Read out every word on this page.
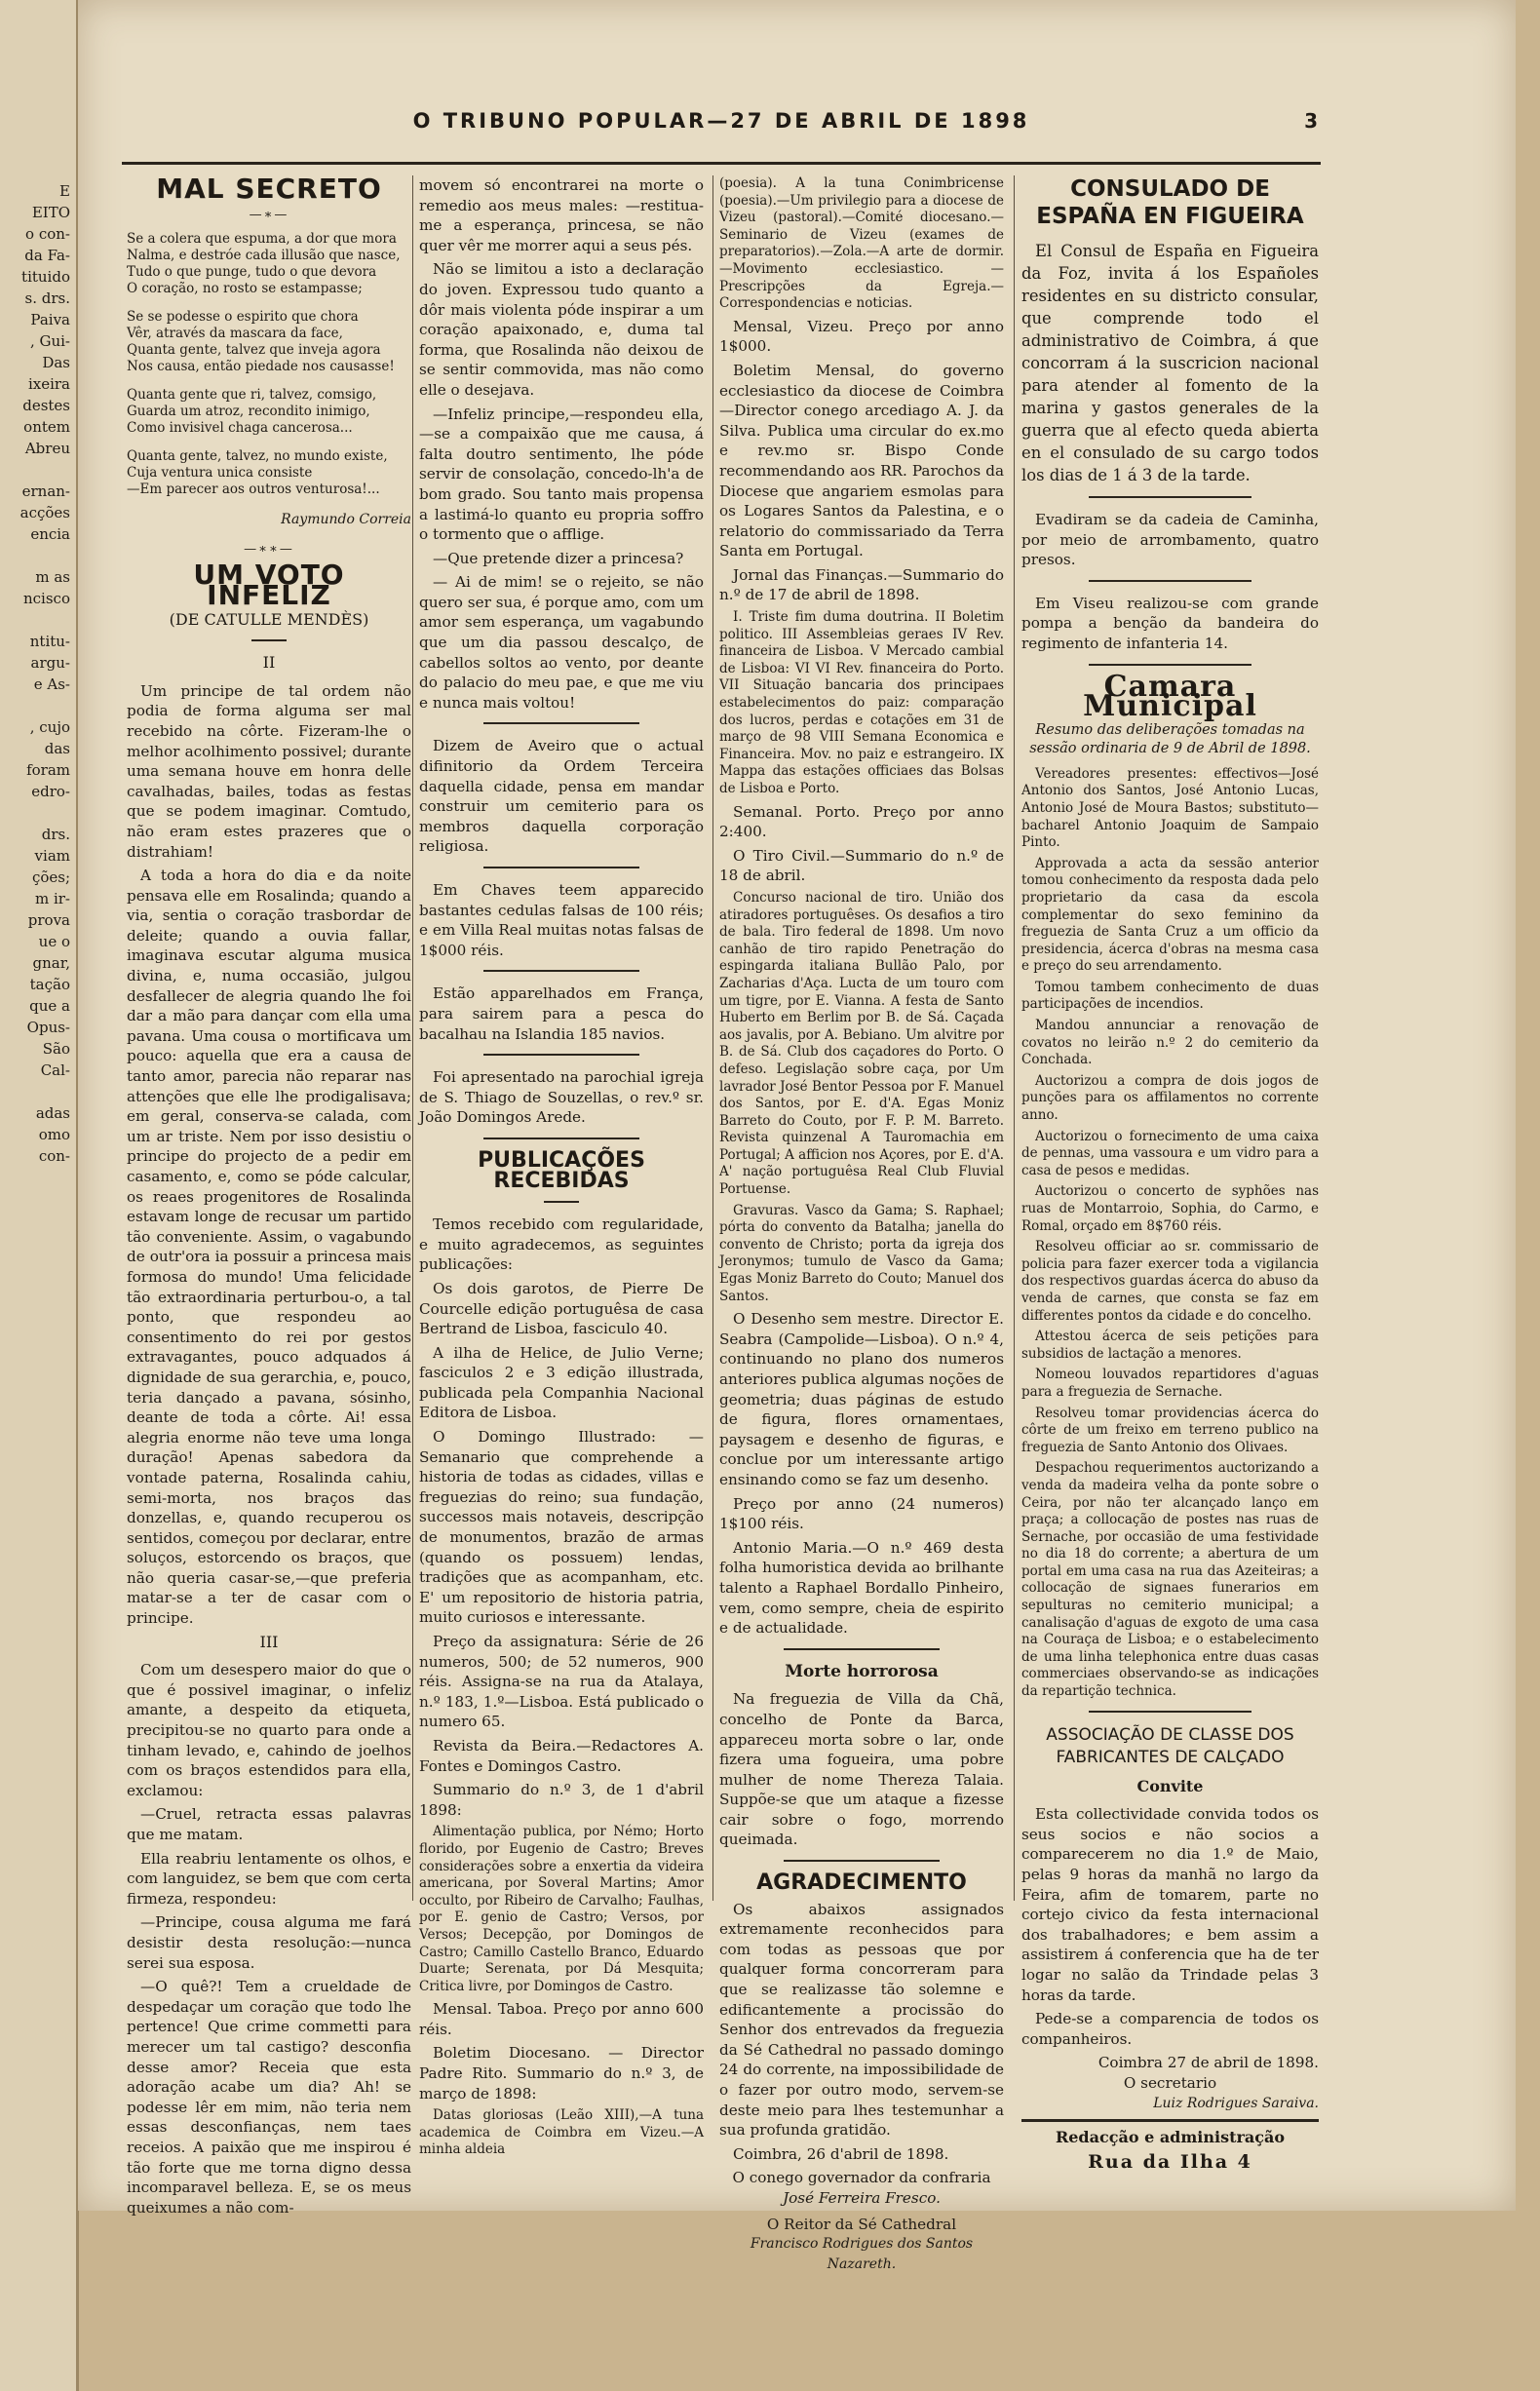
E
EITO
o con-
da Fa-
tituido
s. drs.
Paiva
, Gui-
Das
ixeira
destes
ontem
Abreu

ernan-
acções
encia

m as
ncisco

ntitu-
argu-
e As-

, cujo
das
foram
edro-

drs.
viam
ções;
m ir-
prova
ue o
gnar,
tação
que a
Opus-
São
Cal-

adas
omo
con-
O TRIBUNO POPULAR—27 DE ABRIL DE 1898	3
MAL SECRETO
—∗—
Se a colera que espuma, a dor que mora
Nalma, e destróe cada illusão que nasce,
Tudo o que punge, tudo o que devora
O coração, no rosto se estampasse;
Se se podesse o espirito que chora
Vêr, através da mascara da face,
Quanta gente, talvez que inveja agora
Nos causa, então piedade nos causasse!
Quanta gente que ri, talvez, comsigo,
Guarda um atroz, recondito inimigo,
Como invisivel chaga cancerosa...
Quanta gente, talvez, no mundo existe,
Cuja ventura unica consiste
—Em parecer aos outros venturosa!...
Raymundo Correia
—∗∗—
UM VOTO INFELIZ
(DE CATULLE MENDÈS)
II

Um principe de tal ordem não podia de forma alguma ser mal recebido na côrte. Fizeram-lhe o melhor acolhimento possivel; durante uma semana houve em honra delle cavalhadas, bailes, todas as festas que se podem imaginar. Comtudo, não eram estes prazeres que o distrahiam!

A toda a hora do dia e da noite pensava elle em Rosalinda; quando a via, sentia o coração trasbordar de deleite; quando a ouvia fallar, imaginava escutar alguma musica divina, e, numa occasião, julgou desfallecer de alegria quando lhe foi dar a mão para dançar com ella uma pavana. Uma cousa o mortificava um pouco: aquella que era a causa de tanto amor, parecia não reparar nas attenções que elle lhe prodigalisava; em geral, conserva-se calada, com um ar triste. Nem por isso desistiu o principe do projecto de a pedir em casamento, e, como se póde calcular, os reaes progenitores de Rosalinda estavam longe de recusar um partido tão conveniente. Assim, o vagabundo de outr'ora ia possuir a princesa mais formosa do mundo! Uma felicidade tão extraordinaria perturbou-o, a tal ponto, que respondeu ao consentimento do rei por gestos extravagantes, pouco adquados á dignidade de sua gerarchia, e, pouco, teria dançado a pavana, sósinho, deante de toda a côrte. Ai! essa alegria enorme não teve uma longa duração! Apenas sabedora da vontade paterna, Rosalinda cahiu, semi-morta, nos braços das donzellas, e, quando recuperou os sentidos, começou por declarar, entre soluços, estorcendo os braços, que não queria casar-se,—que preferia matar-se a ter de casar com o principe.

III

Com um desespero maior do que o que é possivel imaginar, o infeliz amante, a despeito da etiqueta, precipitou-se no quarto para onde a tinham levado, e, cahindo de joelhos com os braços estendidos para ella, exclamou:

—Cruel, retracta essas palavras que me matam.

Ella reabriu lentamente os olhos, e com languidez, se bem que com certa firmeza, respondeu:

—Principe, cousa alguma me fará desistir desta resolução:—nunca serei sua esposa.

—O quê?! Tem a crueldade de despedaçar um coração que todo lhe pertence! Que crime commetti para merecer um tal castigo? desconfia desse amor? Receia que esta adoração acabe um dia? Ah! se podesse lêr em mim, não teria nem essas desconfianças, nem taes receios. A paixão que me inspirou é tão forte que me torna digno dessa incomparavel belleza. E, se os meus queixumes a não com-

movem só encontrarei na morte o remedio aos meus males: —restitua-me a esperança, princesa, se não quer vêr me morrer aqui a seus pés.

Não se limitou a isto a declaração do joven. Expressou tudo quanto a dôr mais violenta póde inspirar a um coração apaixonado, e, duma tal forma, que Rosalinda não deixou de se sentir commovida, mas não como elle o desejava.

—Infeliz principe,—respondeu ella,—se a compaixão que me causa, á falta doutro sentimento, lhe póde servir de consolação, concedo-lh'a de bom grado. Sou tanto mais propensa a lastimá-lo quanto eu propria soffro o tormento que o afflige.

—Que pretende dizer a princesa?

— Ai de mim! se o rejeito, se não quero ser sua, é porque amo, com um amor sem esperança, um vagabundo que um dia passou descalço, de cabellos soltos ao vento, por deante do palacio do meu pae, e que me viu e nunca mais voltou!

Dizem de Aveiro que o actual difinitorio da Ordem Terceira daquella cidade, pensa em mandar construir um cemiterio para os membros daquella corporação religiosa.

Em Chaves teem apparecido bastantes cedulas falsas de 100 réis; e em Villa Real muitas notas falsas de 1$000 réis.

Estão apparelhados em França, para sairem para a pesca do bacalhau na Islandia 185 navios.

Foi apresentado na parochial igreja de S. Thiago de Souzellas, o rev.º sr. João Domingos Arede.

PUBLICAÇÕES RECEBIDAS

Temos recebido com regularidade, e muito agradecemos, as seguintes publicações:

Os dois garotos, de Pierre De Courcelle edição portuguêsa de casa Bertrand de Lisboa, fasciculo 40.

A ilha de Helice, de Julio Verne; fasciculos 2 e 3 edição illustrada, publicada pela Companhia Nacional Editora de Lisboa.

O Domingo Illustrado: — Semanario que comprehende a historia de todas as cidades, villas e freguezias do reino; sua fundação, successos mais notaveis, descripção de monumentos, brazão de armas (quando os possuem) lendas, tradições que as acompanham, etc. E' um repositorio de historia patria, muito curiosos e interessante.

Preço da assignatura: Série de 26 numeros, 500; de 52 numeros, 900 réis. Assigna-se na rua da Atalaya, n.º 183, 1.º—Lisboa. Está publicado o numero 65.

Revista da Beira.—Redactores A. Fontes e Domingos Castro.

Summario do n.º 3, de 1 d'abril 1898:

Alimentação publica, por Némo; Horto florido, por Eugenio de Castro; Breves considerações sobre a enxertia da videira americana, por Soveral Martins; Amor occulto, por Ribeiro de Carvalho; Faulhas, por E. genio de Castro; Versos, por Versos; Decepção, por Domingos de Castro; Camillo Castello Branco, Eduardo Duarte; Serenata, por Dá Mesquita; Critica livre, por Domingos de Castro.

Mensal. Taboa. Preço por anno 600 réis.

Boletim Diocesano. — Director Padre Rito. Summario do n.º 3, de março de 1898:

Datas gloriosas (Leão XIII),—A tuna academica de Coimbra em Vizeu.—A minha aldeia

(poesia). A la tuna Conimbricense (poesia).—Um privilegio para a diocese de Vizeu (pastoral).—Comité diocesano.—Seminario de Vizeu (exames de preparatorios).—Zola.—A arte de dormir.—Movimento ecclesiastico. — Prescripções da Egreja.—Correspondencias e noticias.

Mensal, Vizeu. Preço por anno 1$000.

Boletim Mensal, do governo ecclesiastico da diocese de Coimbra—Director conego arcediago A. J. da Silva. Publica uma circular do ex.mo e rev.mo sr. Bispo Conde recommendando aos RR. Parochos da Diocese que angariem esmolas para os Logares Santos da Palestina, e o relatorio do commissariado da Terra Santa em Portugal.

Jornal das Finanças.—Summario do n.º de 17 de abril de 1898.

I. Triste fim duma doutrina. II Boletim politico. III Assembleias geraes IV Rev. financeira de Lisboa. V Mercado cambial de Lisboa: VI VI Rev. financeira do Porto. VII Situação bancaria dos principaes estabelecimentos do paiz: comparação dos lucros, perdas e cotações em 31 de março de 98 VIII Semana Economica e Financeira. Mov. no paiz e estrangeiro. IX Mappa das estações officiaes das Bolsas de Lisboa e Porto.

Semanal. Porto. Preço por anno 2:400.

O Tiro Civil.—Summario do n.º de 18 de abril.

Concurso nacional de tiro. União dos atiradores portuguêses. Os desafios a tiro de bala. Tiro federal de 1898. Um novo canhão de tiro rapido Penetração do espingarda italiana Bullão Palo, por Zacharias d'Aça. Lucta de um touro com um tigre, por E. Vianna. A festa de Santo Huberto em Berlim por B. de Sá. Caçada aos javalis, por A. Bebiano. Um alvitre por B. de Sá. Club dos caçadores do Porto. O defeso. Legislação sobre caça, por Um lavrador José Bentor Pessoa por F. Manuel dos Santos, por E. d'A. Egas Moniz Barreto do Couto, por F. P. M. Barreto. Revista quinzenal A Tauromachia em Portugal; A afficion nos Açores, por E. d'A. A' nação portuguêsa Real Club Fluvial Portuense.

Gravuras. Vasco da Gama; S. Raphael; pórta do convento da Batalha; janella do convento de Christo; porta da igreja dos Jeronymos; tumulo de Vasco da Gama; Egas Moniz Barreto do Couto; Manuel dos Santos.

O Desenho sem mestre. Director E. Seabra (Campolide—Lisboa). O n.º 4, continuando no plano dos numeros anteriores publica algumas noções de geometria; duas páginas de estudo de figura, flores ornamentaes, paysagem e desenho de figuras, e conclue por um interessante artigo ensinando como se faz um desenho.

Preço por anno (24 numeros) 1$100 réis.

Antonio Maria.—O n.º 469 desta folha humoristica devida ao brilhante talento a Raphael Bordallo Pinheiro, vem, como sempre, cheia de espirito e de actualidade.

Morte horrorosa

Na freguezia de Villa da Chã, concelho de Ponte da Barca, appareceu morta sobre o lar, onde fizera uma fogueira, uma pobre mulher de nome Thereza Talaia. Suppõe-se que um ataque a fizesse cair sobre o fogo, morrendo queimada.

AGRADECIMENTO

Os abaixos assignados extremamente reconhecidos para com todas as pessoas que por qualquer forma concorreram para que se realizasse tão solemne e edificantemente a procissão do Senhor dos entrevados da freguezia da Sé Cathedral no passado domingo 24 do corrente, na impossibilidade de o fazer por outro modo, servem-se deste meio para lhes testemunhar a sua profunda gratidão.

Coimbra, 26 d'abril de 1898.

O conego governador da confraria
José Ferreira Fresco.
O Reitor da Sé Cathedral
Francisco Rodrigues dos Santos Nazareth.
CONSULADO DE ESPAÑA EN FIGUEIRA

El Consul de España en Figueira da Foz, invita á los Españoles residentes en su districto consular, que comprende todo el administrativo de Coimbra, á que concorram á la suscricion nacional para atender al fomento de la marina y gastos generales de la guerra que al efecto queda abierta en el consulado de su cargo todos los dias de 1 á 3 de la tarde.

Evadiram se da cadeia de Caminha, por meio de arrombamento, quatro presos.

Em Viseu realizou-se com grande pompa a benção da bandeira do regimento de infanteria 14.

Camara Municipal
Resumo das deliberações tomadas na sessão ordinaria de 9 de Abril de 1898.

Vereadores presentes: effectivos—José Antonio dos Santos, José Antonio Lucas, Antonio José de Moura Bastos; substituto—bacharel Antonio Joaquim de Sampaio Pinto.

Approvada a acta da sessão anterior tomou conhecimento da resposta dada pelo proprietario da casa da escola complementar do sexo feminino da freguezia de Santa Cruz a um officio da presidencia, ácerca d'obras na mesma casa e preço do seu arrendamento.

Tomou tambem conhecimento de duas participações de incendios.

Mandou annunciar a renovação de covatos no leirão n.º 2 do cemiterio da Conchada.

Auctorizou a compra de dois jogos de punções para os affilamentos no corrente anno.

Auctorizou o fornecimento de uma caixa de pennas, uma vassoura e um vidro para a casa de pesos e medidas.

Auctorizou o concerto de syphões nas ruas de Montarroio, Sophia, do Carmo, e Romal, orçado em 8$760 réis.

Resolveu officiar ao sr. commissario de policia para fazer exercer toda a vigilancia dos respectivos guardas ácerca do abuso da venda de carnes, que consta se faz em differentes pontos da cidade e do concelho.

Attestou ácerca de seis petições para subsidios de lactação a menores.

Nomeou louvados repartidores d'aguas para a freguezia de Sernache.

Resolveu tomar providencias ácerca do côrte de um freixo em terreno publico na freguezia de Santo Antonio dos Olivaes.

Despachou requerimentos auctorizando a venda da madeira velha da ponte sobre o Ceira, por não ter alcançado lanço em praça; a collocação de postes nas ruas de Sernache, por occasião de uma festividade no dia 18 do corrente; a abertura de um portal em uma casa na rua das Azeiteiras; a collocação de signaes funerarios em sepulturas no cemiterio municipal; a canalisação d'aguas de exgoto de uma casa na Couraça de Lisboa; e o estabelecimento de uma linha telephonica entre duas casas commerciaes observando-se as indicações da repartição technica.

ASSOCIAÇÃO DE CLASSE DOS FABRICANTES DE CALÇADO
Convite

Esta collectividade convida todos os seus socios e não socios a comparecerem no dia 1.º de Maio, pelas 9 horas da manhã no largo da Feira, afim de tomarem, parte no cortejo civico da festa internacional dos trabalhadores; e bem assim a assistirem á conferencia que ha de ter logar no salão da Trindade pelas 3 horas da tarde.

Pede-se a comparencia de todos os companheiros.

Coimbra 27 de abril de 1898.
O secretario
Luiz Rodrigues Saraiva.
Redacção e administração
Rua da Ilha 4
